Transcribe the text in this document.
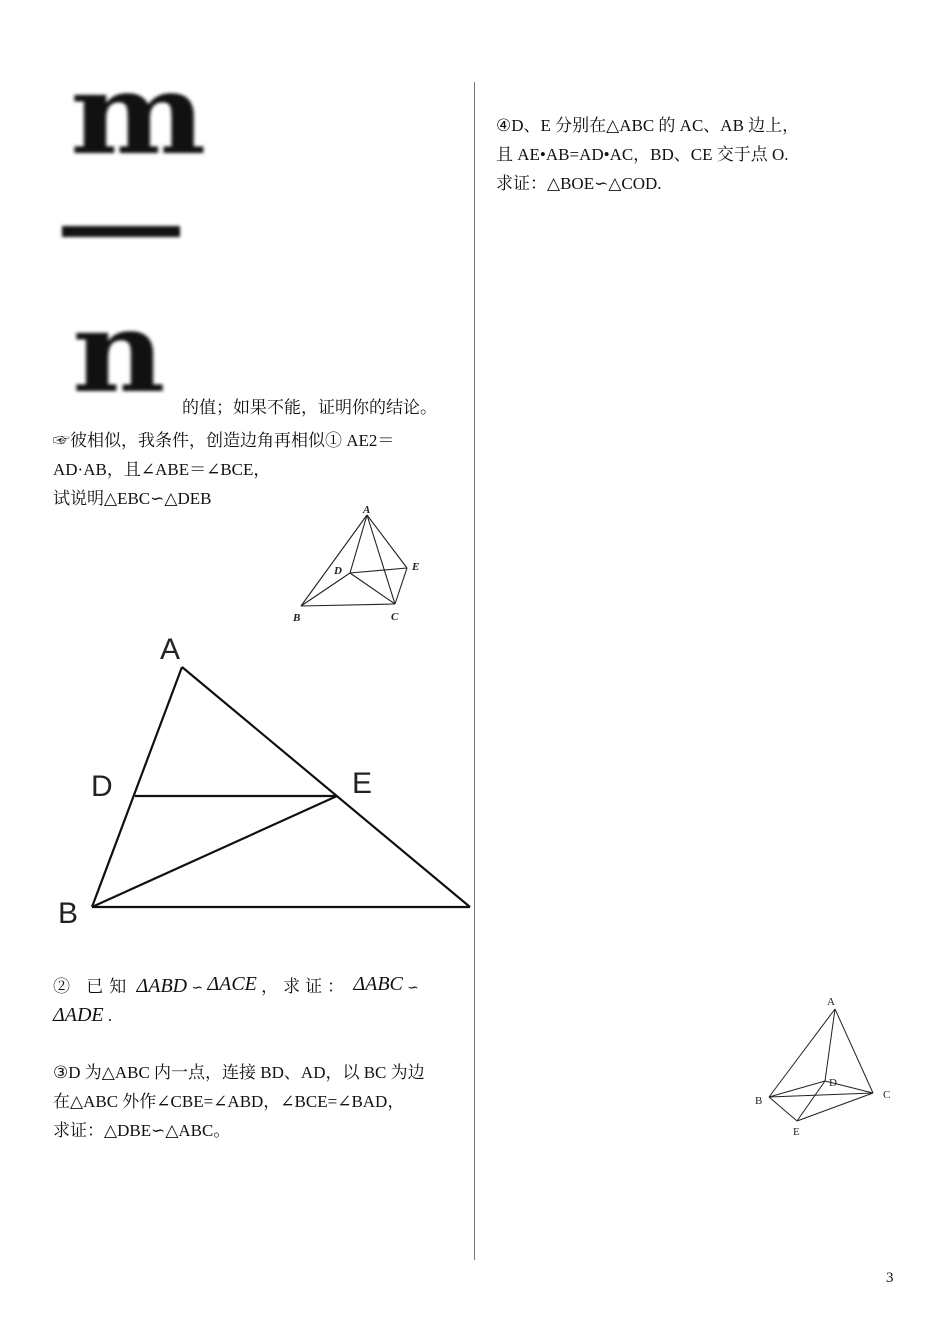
m
n 的值；如果不能，证明你的结论。
☞彼相似，我条件，创造边角再相似① AE2＝
AD·AB，且∠ABE＝∠BCE，
试说明△EBC∽△DEB
A
B	C
D	E
A
D	E
B
② 已知 ΔABD ∽ ΔACE ，求证： ΔABC ∽
ΔADE .
③D 为△ABC 内一点，连接 BD、AD，以 BC 为边
在△ABC 外作∠CBE=∠ABD，∠BCE=∠BAD，
求证：△DBE∽△ABC。
④D、E 分别在△ABC 的 AC、AB 边上，
且 AE•AB=AD•AC，BD、CE 交于点 O.
求证：△BOE∽△COD.
A
B	C
D
E
3
